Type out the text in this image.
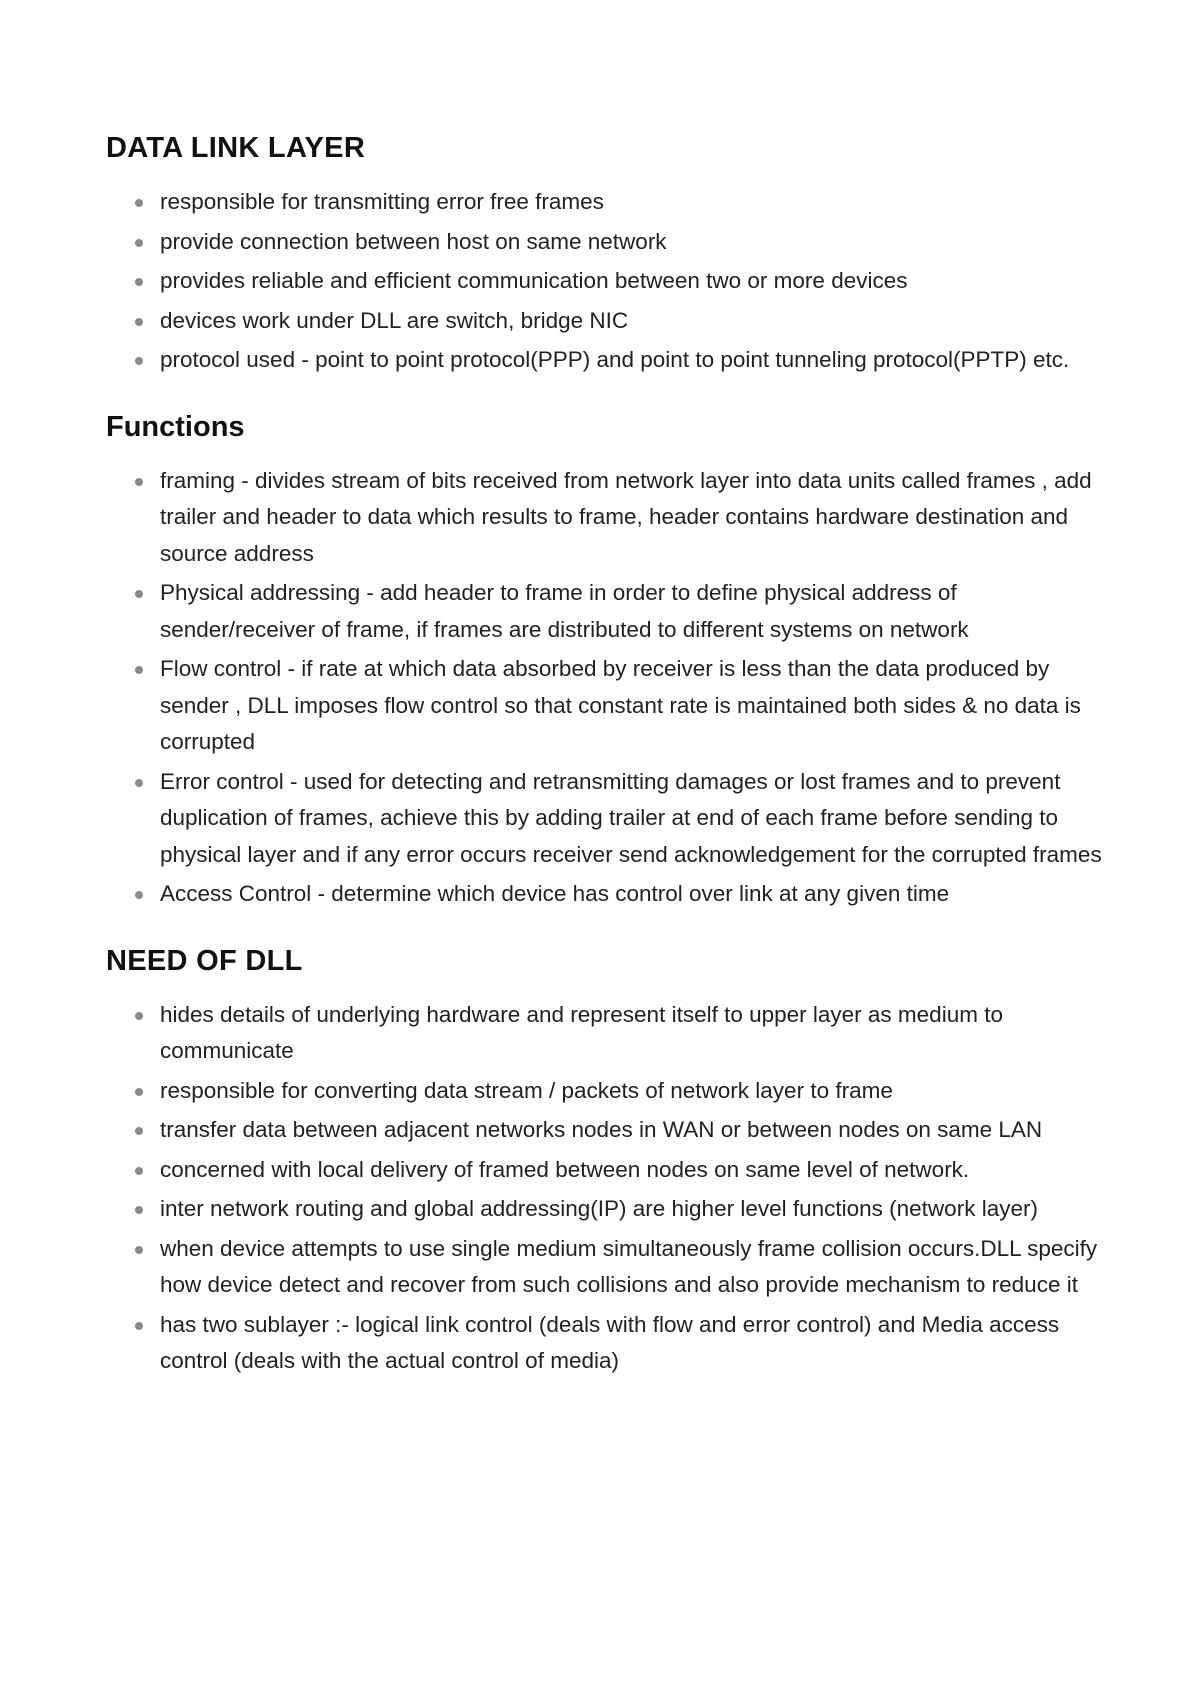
DATA LINK LAYER
responsible for transmitting error free frames
provide connection between host on same network
provides reliable and efficient communication between two or more devices
devices work under DLL are switch, bridge NIC
protocol used - point to point protocol(PPP) and point to point tunneling protocol(PPTP) etc.
Functions
framing - divides stream of bits received from network layer into data units called frames , add trailer and header to data which results to frame, header contains hardware destination and source address
Physical addressing - add header to frame in order to define physical address of sender/receiver of frame, if frames are distributed to different systems on network
Flow control - if rate at which data absorbed by receiver is less than the data produced by sender , DLL imposes flow control so that constant rate is maintained both sides & no data is corrupted
Error control - used for detecting and retransmitting damages or lost frames and to prevent duplication of frames, achieve this by adding trailer at end of each frame before sending to physical layer and if any error occurs receiver send acknowledgement for the corrupted frames
Access Control - determine which device has control over link at any given time
NEED OF DLL
hides details of underlying hardware and represent itself to upper layer as medium to communicate
responsible for converting data stream / packets of network layer to frame
transfer data between adjacent networks nodes in WAN or between nodes on same LAN
concerned with local delivery of framed between nodes on same level of network.
inter network routing and global addressing(IP) are higher level functions (network layer)
when device attempts to use single medium simultaneously frame collision occurs.DLL specify how device detect and recover from such collisions and also provide mechanism to reduce it
has two sublayer :- logical link control (deals with flow and error control) and Media access control (deals with the actual control of media)
